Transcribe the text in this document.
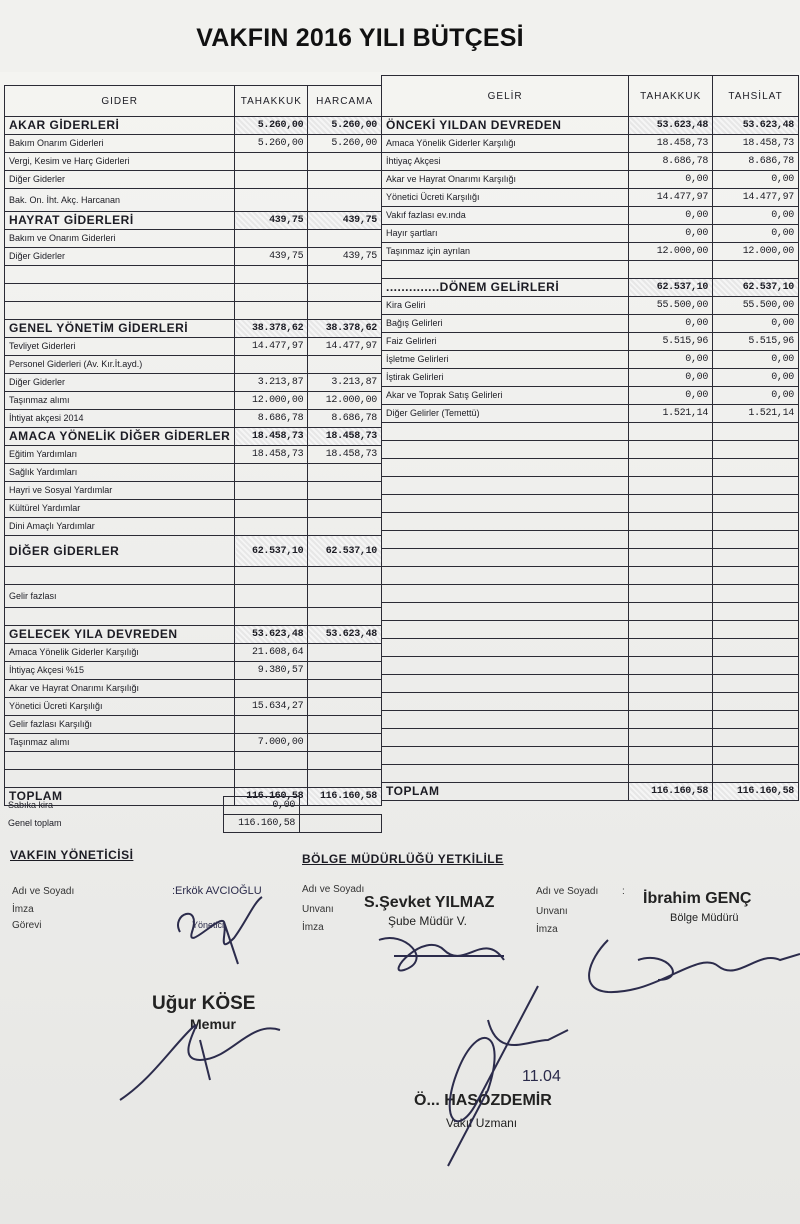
VAKFIN 2016 YILI BÜTÇESİ
GIDER	TAHAKKUK	HARCAMA
AKAR GİDERLERİ	5.260,00	5.260,00
Bakım Onarım Giderleri	5.260,00	5.260,00
Vergi, Kesim ve Harç Giderleri		
Diğer Giderler		
Bak. On. İht. Akç. Harcanan		
HAYRAT GİDERLERİ	439,75	439,75
Bakım ve Onarım Giderleri		
Diğer Giderler	439,75	439,75

GENEL YÖNETİM GİDERLERİ	38.378,62	38.378,62
Tevliyet Giderleri	14.477,97	14.477,97
Personel Giderleri (Av. Kır.İt.ayd.)		
Diğer Giderler	3.213,87	3.213,87
Taşınmaz alımı	12.000,00	12.000,00
İhtiyat akçesi 2014	8.686,78	8.686,78
AMACA YÖNELİK DİĞER GİDERLER	18.458,73	18.458,73
Eğitim Yardımları	18.458,73	18.458,73
Sağlık Yardımları		
Hayri ve Sosyal Yardımlar		
Kültürel Yardımlar		
Dini Amaçlı Yardımlar		
DİĞER GİDERLER	62.537,10	62.537,10

Gelir fazlası		

GELECEK YILA DEVREDEN	53.623,48	53.623,48
Amaca Yönelik Giderler Karşılığı	21.608,64	
İhtiyaç Akçesi %15	9.380,57	
Akar ve Hayrat Onarımı Karşılığı		
Yönetici Ücreti Karşılığı	15.634,27	
Gelir fazlası Karşılığı		
Taşınmaz alımı	7.000,00	

TOPLAM	116.160,58	116.160,58
GELİR	TAHAKKUK	TAHSİLAT
ÖNCEKİ YILDAN DEVREDEN	53.623,48	53.623,48
Amaca Yönelik Giderler Karşılığı	18.458,73	18.458,73
İhtiyaç Akçesi	8.686,78	8.686,78
Akar ve Hayrat Onarımı Karşılığı	0,00	0,00
Yönetici Ücreti Karşılığı	14.477,97	14.477,97
Vakıf fazlası ev.ında	0,00	0,00
Hayır şartları	0,00	0,00
Taşınmaz için ayrılan	12.000,00	12.000,00

..............DÖNEM GELİRLERİ	62.537,10	62.537,10
Kira Geliri	55.500,00	55.500,00
Bağış Gelirleri	0,00	0,00
Faiz Gelirleri	5.515,96	5.515,96
İşletme Gelirleri	0,00	0,00
İştirak Gelirleri	0,00	0,00
Akar ve Toprak Satış Gelirleri	0,00	0,00
Diğer Gelirler (Temettü)	1.521,14	1.521,14

TOPLAM	116.160,58	116.160,58
Sabıka kira	0,00	
Genel toplam	116.160,58	
VAKFIN YÖNETİCİSİ	BÖLGE MÜDÜRLÜĞÜ YETKİLİLE
Adı ve Soyadı
İmza
Görevi
:Erkök AVCIOĞLU
Yönetici
Adı ve Soyadı
Unvanı
İmza
S.Şevket YILMAZ
Şube Müdür V.
Adı ve Soyadı
Unvanı
İmza
: İbrahim GENÇ
Bölge Müdürü
Uğur KÖSE
Memur
11.04
Ö... HASÖZDEMİR
Vakıf Uzmanı
